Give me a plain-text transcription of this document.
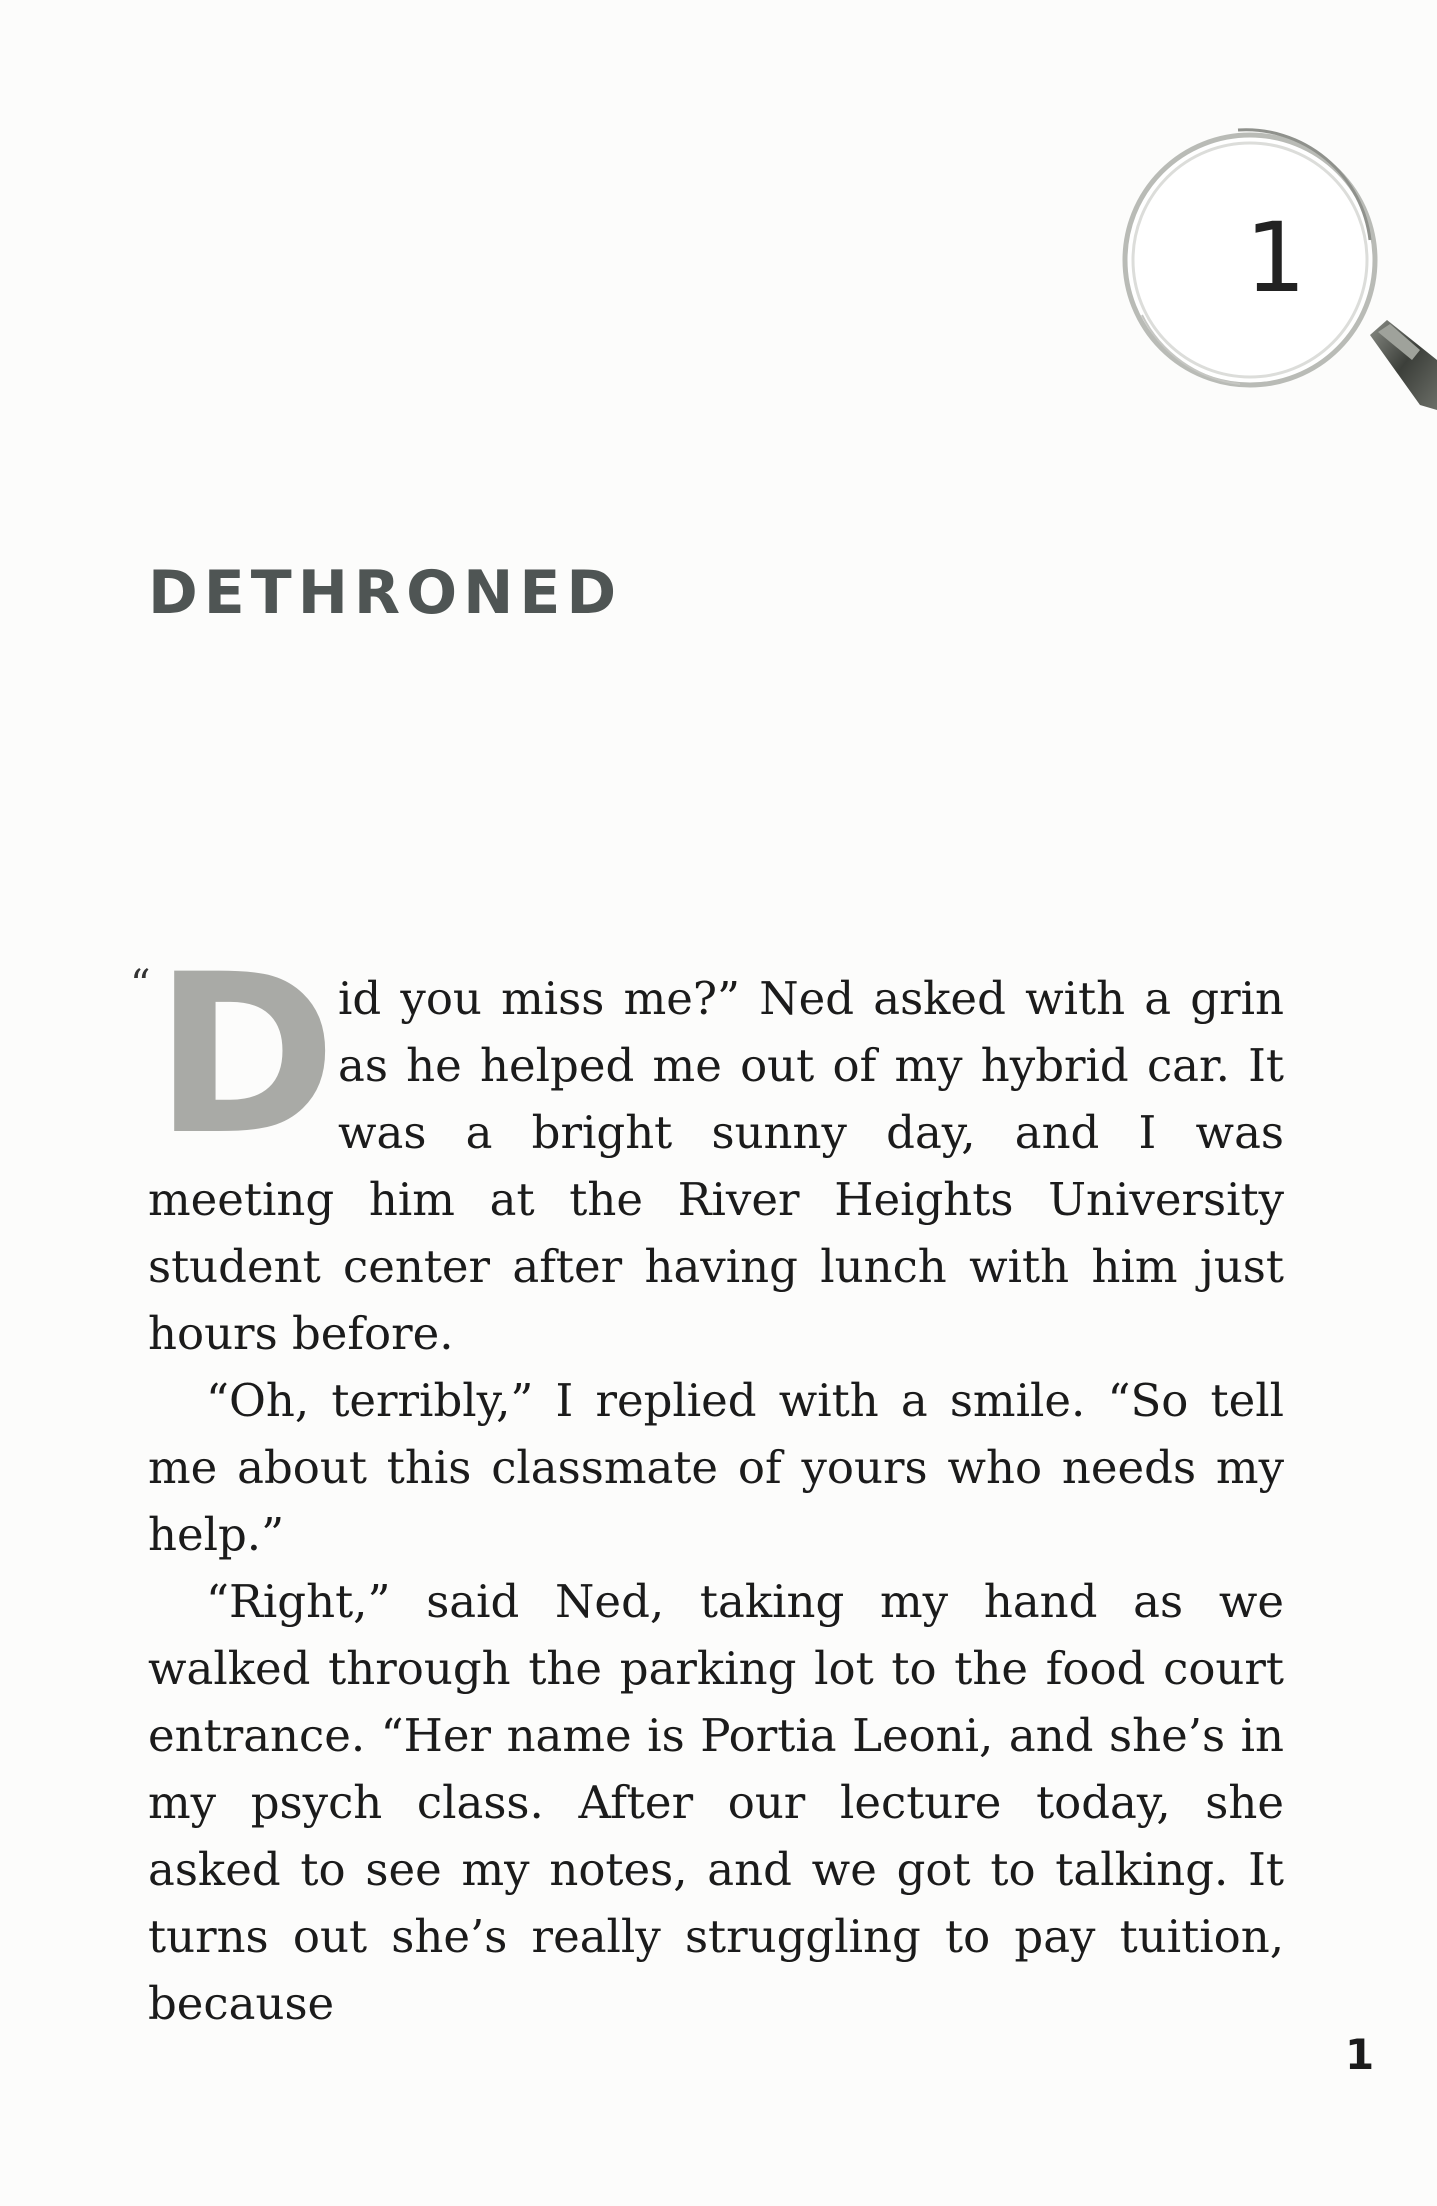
1
DETHRONED
“ Did you miss me?” Ned asked with a grin as he helped me out of my hybrid car. It was a bright sunny day, and I was meeting him at the River Heights University student center after having lunch with him just hours before.

“Oh, terribly,” I replied with a smile. “So tell me about this classmate of yours who needs my help.”

“Right,” said Ned, taking my hand as we walked through the parking lot to the food court entrance. “Her name is Portia Leoni, and she’s in my psych class. After our lecture today, she asked to see my notes, and we got to talking. It turns out she’s really struggling to pay tuition, because

1
